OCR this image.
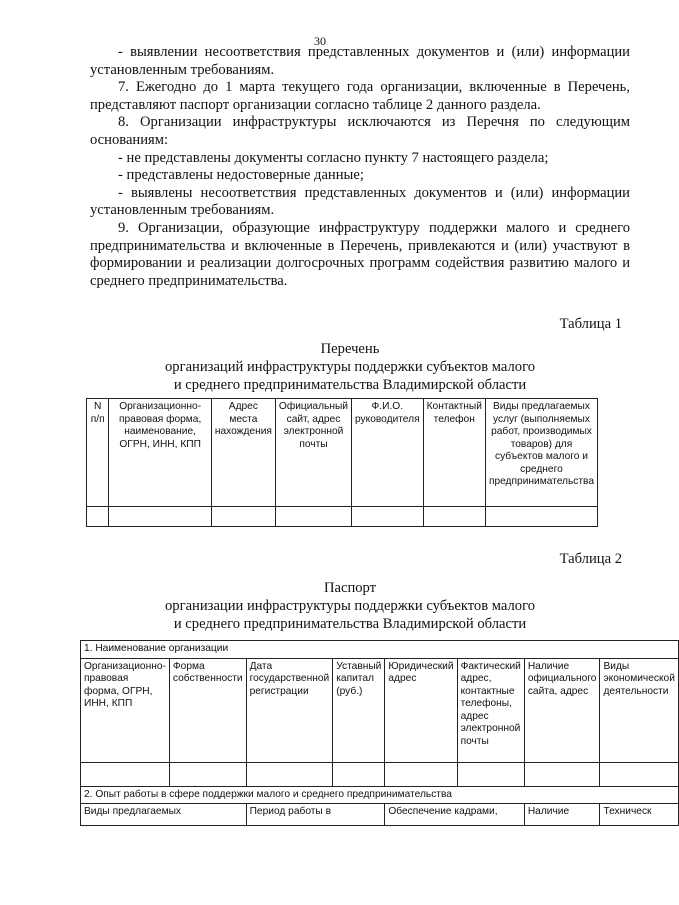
30

- выявлении несоответствия представленных документов и (или) информации установленным требованиям.

7. Ежегодно до 1 марта текущего года организации, включенные в Перечень, представляют паспорт организации согласно таблице 2 данного раздела.

8. Организации инфраструктуры исключаются из Перечня по следующим основаниям:

- не представлены документы согласно пункту 7 настоящего раздела;

- представлены недостоверные данные;

- выявлены несоответствия представленных документов и (или) информации установленным требованиям.

9. Организации, образующие инфраструктуру поддержки малого и среднего предпринимательства и включенные в Перечень, привлекаются и (или) участвуют в формировании и реализации долгосрочных программ содействия развитию малого и среднего предпринимательства.

Таблица 1
Перечень
организаций инфраструктуры поддержки субъектов малого
и среднего предпринимательства Владимирской области
N п/п	Организационно-правовая форма, наименование, ОГРН, ИНН, КПП	Адрес места нахождения	Официальный сайт, адрес электронной почты	Ф.И.О. руководителя	Контактный телефон	Виды предлагаемых услуг (выполняемых работ, производимых товаров) для субъектов малого и среднего предпринимательства

Таблица 2
Паспорт
организации инфраструктуры поддержки субъектов малого
и среднего предпринимательства Владимирской области
1. Наименование организации							
Организационно-правовая форма, ОГРН, ИНН, КПП	Форма собственности	Дата государственной регистрации	Уставный капитал (руб.)	Юридический адрес	Фактический адрес, контактные телефоны, адрес электронной почты	Наличие официального сайта, адрес	Виды экономической деятельности

2. Опыт работы в сфере поддержки малого и среднего предпринимательства							
Виды предлагаемых		Период работы в		Обеспечение кадрами,		Наличие	Техническ
